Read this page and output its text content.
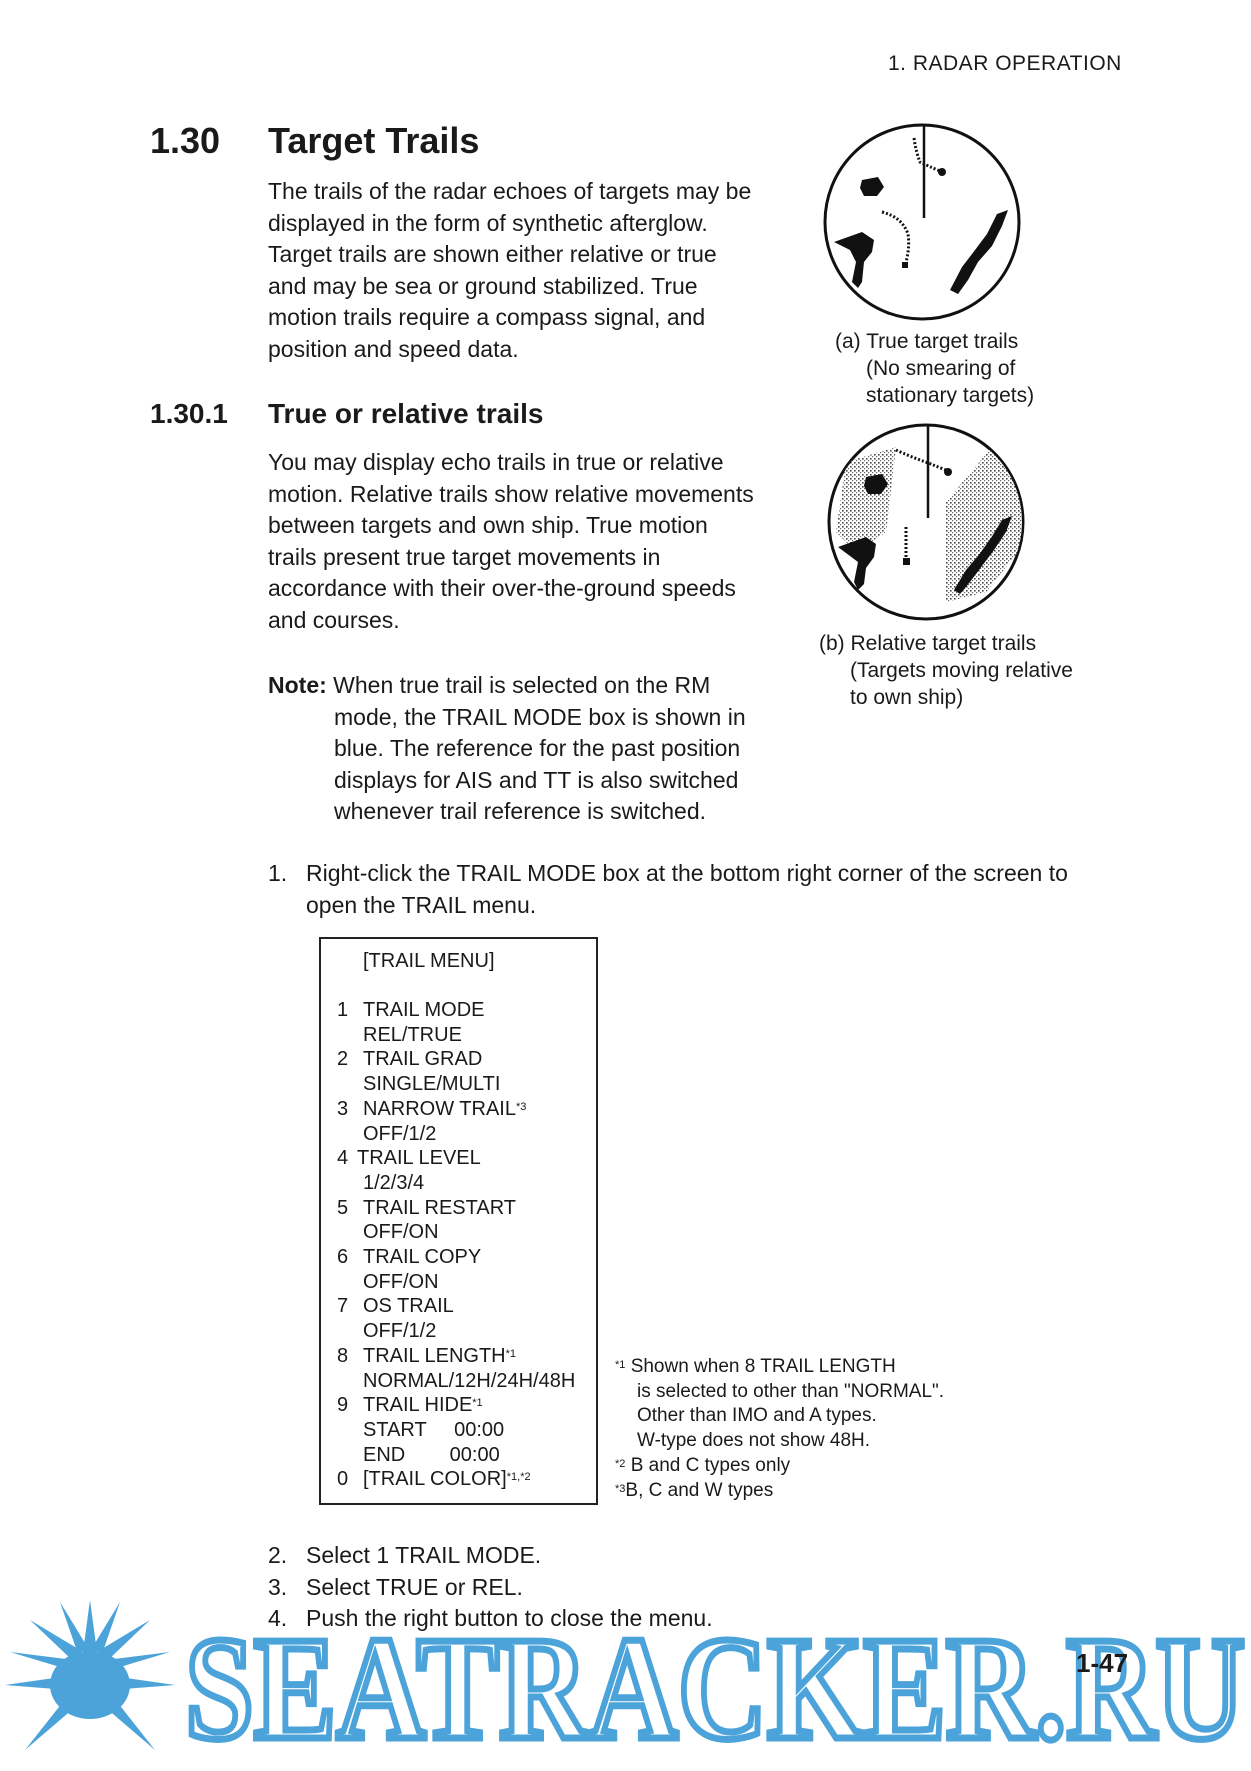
1. RADAR OPERATION
1.30 Target Trails
The trails of the radar echoes of targets may be
displayed in the form of synthetic afterglow.
Target trails are shown either relative or true
and may be sea or ground stabilized. True
motion trails require a compass signal, and
position and speed data.
1.30.1 True or relative trails
You may display echo trails in true or relative
motion. Relative trails show relative movements
between targets and own ship. True motion
trails present true target movements in
accordance with their over-the-ground speeds
and courses.
Note: When true trail is selected on the RM
mode, the TRAIL MODE box is shown in
blue. The reference for the past position
displays for AIS and TT is also switched
whenever trail reference is switched.
(a) True target trails
(No smearing of
stationary targets)
(b) Relative target trails
(Targets moving relative
to own ship)
1. Right-click the TRAIL MODE box at the bottom right corner of the screen to
open the TRAIL menu.
[TRAIL MENU]
1 TRAIL MODE
REL/TRUE
2 TRAIL GRAD
SINGLE/MULTI
3 NARROW TRAIL$^{*3}$
OFF/1/2
4 TRAIL LEVEL
1/2/3/4
5 TRAIL RESTART
OFF/ON
6 TRAIL COPY
OFF/ON
7 OS TRAIL
OFF/1/2
8 TRAIL LENGTH$^{*1}$
NORMAL/12H/24H/48H
9 TRAIL HIDE$^{*1}$
START     00:00
END        00:00
0 [TRAIL COLOR]$^{*1,*2}$
$^{*1}$ Shown when 8 TRAIL LENGTH
is selected to other than "NORMAL".
Other than IMO and A types.
W-type does not show 48H.
$^{*2}$ B and C types only
$^{*3}$B, C and W types
2. Select 1 TRAIL MODE.
3. Select TRUE or REL.
4. Push the right button to close the menu.
SEATRACKER.RU
1-47
